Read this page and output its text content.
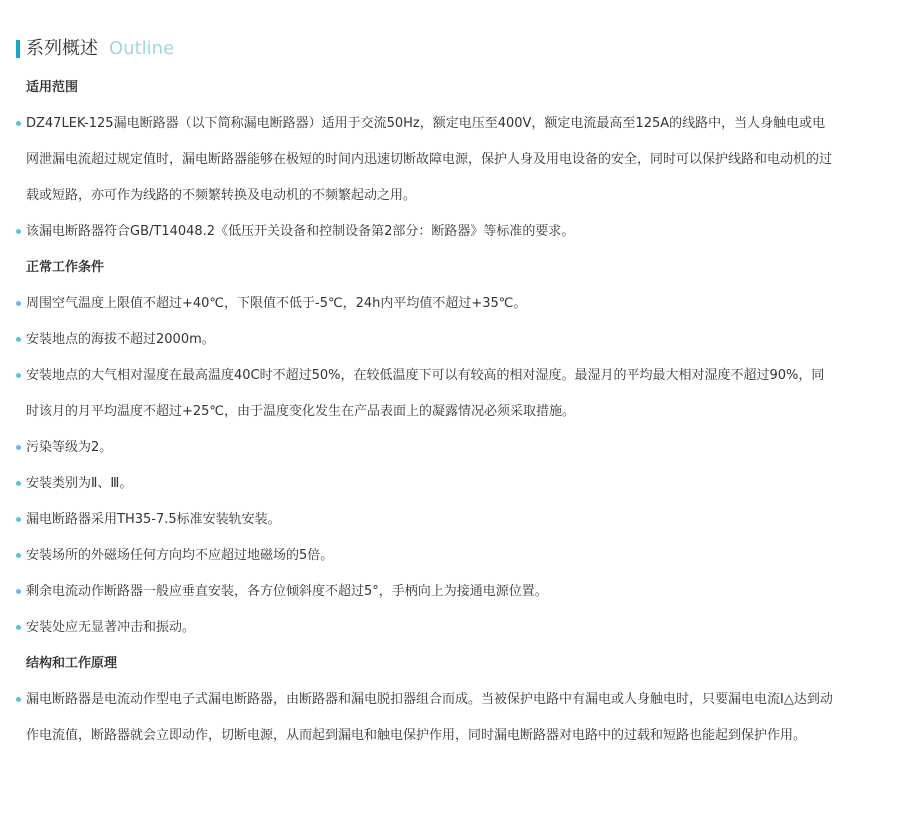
系列概述 Outline
适用范围
DZ47LEK-125漏电断路器（以下简称漏电断路器）适用于交流50Hz，额定电压至400V，额定电流最高至125A的线路中，当人身触电或电网泄漏电流超过规定值时，漏电断路器能够在极短的时间内迅速切断故障电源，保护人身及用电设备的安全，同时可以保护线路和电动机的过载或短路，亦可作为线路的不频繁转换及电动机的不频繁起动之用。
该漏电断路器符合GB/T14048.2《低压开关设备和控制设备第2部分：断路器》等标准的要求。
正常工作条件
周围空气温度上限值不超过+40℃，下限值不低于-5℃，24h内平均值不超过+35℃。
安装地点的海拔不超过2000m。
安装地点的大气相对湿度在最高温度40C时不超过50%，在较低温度下可以有较高的相对湿度。最湿月的平均最大相对湿度不超过90%，同时该月的月平均温度不超过+25℃，由于温度变化发生在产品表面上的凝露情况必须采取措施。
污染等级为2。
安装类别为Ⅱ、Ⅲ。
漏电断路器采用TH35-7.5标准安装轨安装。
安装场所的外磁场任何方向均不应超过地磁场的5倍。
剩余电流动作断路器一般应垂直安装，各方位倾斜度不超过5°，手柄向上为接通电源位置。
安装处应无显著冲击和振动。
结构和工作原理
漏电断路器是电流动作型电子式漏电断路器，由断路器和漏电脱扣器组合而成。当被保护电路中有漏电或人身触电时，只要漏电电流I△达到动作电流值，断路器就会立即动作，切断电源，从而起到漏电和触电保护作用，同时漏电断路器对电路中的过载和短路也能起到保护作用。
